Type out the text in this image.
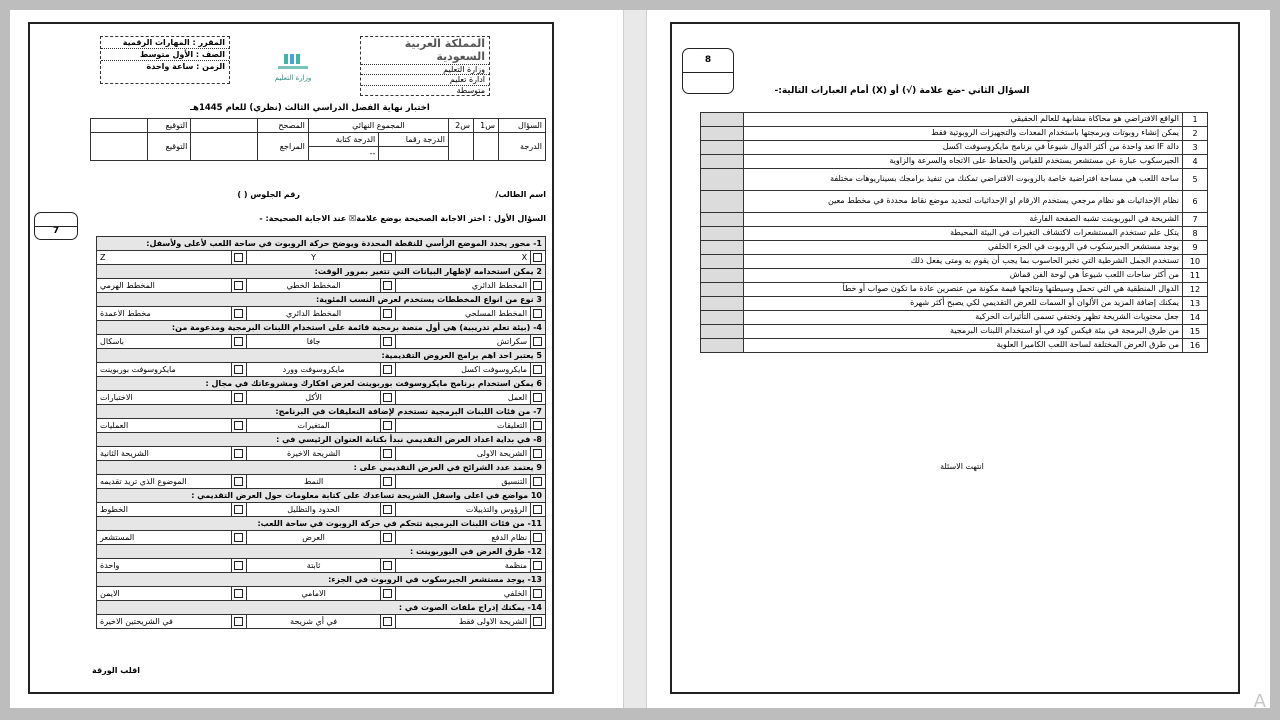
المملكة العربية السعودية
وزارة التعليم
ادارة تعليم
متوسطة
وزارة التعليم
المقرر : المهارات الرقمية
الصف : الأول متوسط
الزمن : ساعة واحدة
اختبار نهاية الفصل الدراسي الثالث (نظري) للعام 1445هـ
السؤال	س1	س2	المجموع النهائي		المصحح		التوقيع	
الدرجة			الدرجة رقما	الدرجة كتابة	المراجع		التوقيع	
				--				
اسم الطالب/
رقم الجلوس ( )
7
السؤال الأول : اختر الاجابة الصحيحة بوضع علامة☒ عند الاجابة الصحيحة: -
1- محور يحدد الموضع الرأسي للنقطة المحددة ويوضح حركة الروبوت في ساحة اللعب لأعلى ولأسفل:					
	X		Y		Z
2 يمكن استخدامه لإظهار البيانات التي تتغير بمرور الوقت:					
	المخطط الدائري		المخطط الخطي		المخطط الهرمي
3 نوع من انواع المخططات يستخدم لعرض النسب المئوية:					
	المخطط المسلحي		المخطط الدائري		مخطط الاعمدة
4- (بيئة تعلم تدريبية) هي أول منصة برمجية قائمة على استخدام اللبنات البرمجية ومدعومة من:					
	سكراتش		جافا		باسكال
5 يعتبر احد اهم برامج العروض التقديمية:					
	مايكروسوفت اكسل		مايكروسوفت وورد		مايكروسوفت بوربوينت
6 يمكن استخدام برنامج مايكروسوفت بوربوينت لعرض افكارك ومشروعاتك في مجال :					
	العمل		الأكل		الاختبارات
7- من فئات اللبنات البرمجية تستخدم لإضافة التعليقات في البرنامج:					
	التعليقات		المتغيرات		العمليات
8- في بداية اعداد العرض التقديمي نبدأ بكتابة العنوان الرئيسي في :					
	الشريحة الاولى		الشريحة الاخيرة		الشريحة الثانية
9 يعتمد عدد الشرائح في العرض التقديمي على :					
	التنسيق		النمط		الموضوع الذي تريد تقديمه
10 مواضع في اعلى واسفل الشريحة تساعدك على كتابة معلومات حول العرض التقديمي :					
	الرؤوس والتذييلات		الحدود والتظليل		الخطوط
11- من فئات اللبنات البرمجية تتحكم في حركة الروبوت في ساحة اللعب:					
	نظام الدفع		العرض		المستشعر
12- طرق العرض في البوربوينت :					
	منظمة		ثابتة		واحدة
13- يوجد مستشعر الجيرسكوب في الروبوت في الجزء:					
	الخلفي		الامامي		الايمن
14- يمكنك إدراج ملفات الصوت في :					
	الشريحة الاولى فقط		في أي شريحة		في الشريحتين الاخيرة
اقلب الورقة
8
السؤال الثاني -ضع علامة (√) أو (X) أمام العبارات التالية:-
1	الواقع الافتراضي هو محاكاة مشابهة للعالم الحقيقي	
2	يمكن إنشاء روبوتات وبرمجتها باستخدام المعدات والتجهيزات الروبوتية فقط	
3	دالة IF تعد واحدة من أكثر الدوال شيوعاً في برنامج مايكروسوفت اكسل	
4	الجيرسكوب عبارة عن مستشعر يستخدم للقياس والحفاظ على الاتجاه والسرعة والزاوية	
5	ساحة اللعب هي مساحة افتراضية خاصة بالروبوت الافتراضي تمكنك من تنفيذ برامجك بسيناريوهات مختلفة	
6	نظام الإحداثيات هو نظام مرجعي يستخدم الارقام او الإحداثيات لتحديد موضع نقاط محددة في مخطط معين	
7	الشريحة في البوربوينت تشبه الصفحة الفارغة	
8	يتكل علم تستخدم المستشعرات لاكتشاف التغيرات في البيئة المحيطة	
9	يوجد مستشعر الجيرسكوب في الروبوت في الجزء الخلفي	
10	تستخدم الجمل الشرطية التي تخبر الحاسوب بما يجب أن يقوم به ومتى يفعل ذلك	
11	من أكثر ساحات اللعب شيوعاً هي لوحة الفن قماش	
12	الدوال المنطقية هي التي تحمل وسيطتها ونتائجها قيمة مكونة من عنصرين عادة ما تكون صواب أو خطأ	
13	يمكنك إضافة المزيد من الألوان أو السمات للعرض التقديمي لكي يصبح أكثر شهرة	
14	جعل محتويات الشريحة تظهر وتختفي تسمى التأثيرات الحركية	
15	من طرق البرمجة في بيئة فيكس كود في أو استخدام اللبنات البرمجية	
16	من طرق العرض المختلفة لساحة اللعب الكاميرا العلوية	
انتهت الاسئلة
A
